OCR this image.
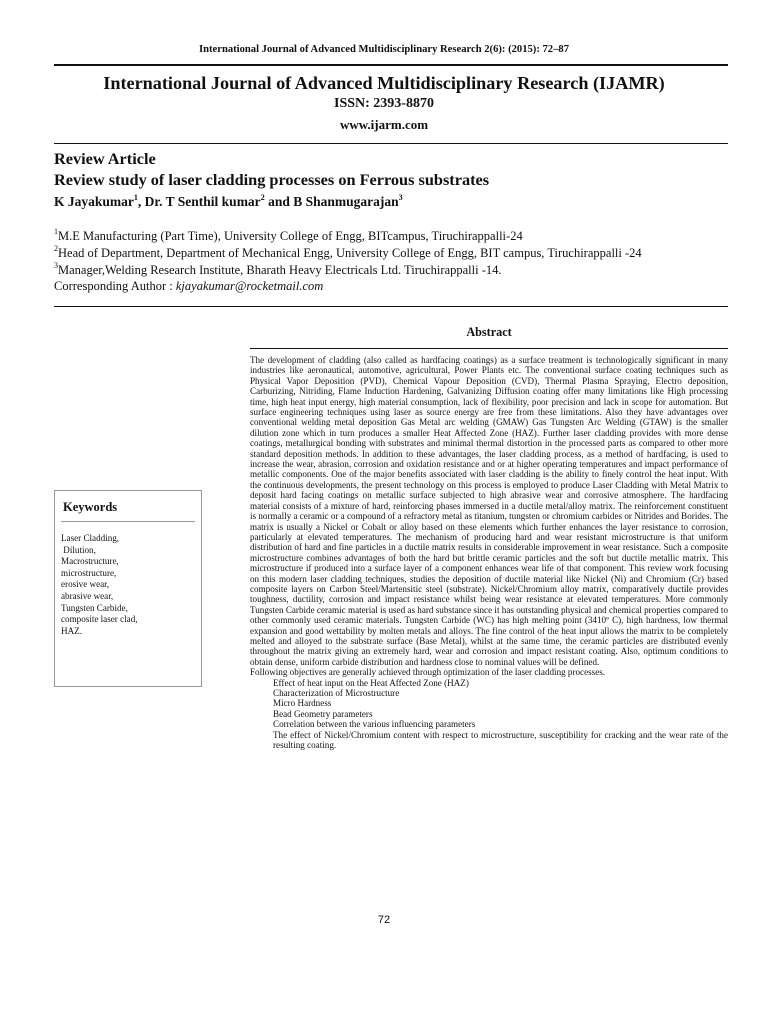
International Journal of Advanced Multidisciplinary Research 2(6): (2015): 72–87
International Journal of Advanced Multidisciplinary Research (IJAMR)
ISSN: 2393-8870
www.ijarm.com
Review Article
Review study of laser cladding processes on Ferrous substrates
K Jayakumar$^1$, Dr. T Senthil kumar$^2$ and B Shanmugarajan$^3$
$^1$M.E Manufacturing (Part Time), University College of Engg, BITcampus, Tiruchirappalli-24
$^2$Head of Department, Department of Mechanical Engg, University College of Engg, BIT campus, Tiruchirappalli -24
$^3$Manager,Welding Research Institute, Bharath Heavy Electricals Ltd. Tiruchirappalli -14.
Corresponding Author : kjayakumar@rocketmail.com
Abstract

The development of cladding (also called as hardfacing coatings) as a surface treatment is technologically significant in many industries like aeronautical, automotive, agricultural, Power Plants etc. The conventional surface coating techniques such as Physical Vapor Deposition (PVD), Chemical Vapour Deposition (CVD), Thermal Plasma Spraying, Electro deposition, Carburizing, Nitriding, Flame Induction Hardening, Galvanizing Diffusion coating offer many limitations like High processing time, high heat input energy, high material consumption, lack of flexibility, poor precision and lack in scope for automation. But surface engineering techniques using laser as source energy are free from these limitations. Also they have advantages over conventional welding metal deposition Gas Metal arc welding (GMAW) Gas Tungsten Arc Welding (GTAW) is the smaller dilution zone which in turn produces a smaller Heat Affected Zone (HAZ). Further laser cladding provides with more dense coatings, metallurgical bonding with substrates and minimal thermal distortion in the processed parts as compared to other more standard deposition methods. In addition to these advantages, the laser cladding process, as a method of hardfacing, is used to increase the wear, abrasion, corrosion and oxidation resistance and or at higher operating temperatures and impact performance of metallic components. One of the major benefits associated with laser cladding is the ability to finely control the heat input. With the continuous developments, the present technology on this process is employed to produce Laser Cladding with Metal Matrix to deposit hard facing coatings on metallic surface subjected to high abrasive wear and corrosive atmosphere. The hardfacing material consists of a mixture of hard, reinforcing phases immersed in a ductile metal/alloy matrix. The reinforcement constituent is normally a ceramic or a compound of a refractory metal as titanium, tungsten or chromium carbides or Nitrides and Borides. The matrix is usually a Nickel or Cobalt or alloy based on these elements which further enhances the layer resistance to corrosion, particularly at elevated temperatures. The mechanism of producing hard and wear resistant microstructure is that uniform distribution of hard and fine particles in a ductile matrix results in considerable improvement in wear resistance. Such a composite microstructure combines advantages of both the hard but brittle ceramic particles and the soft but ductile metallic matrix. This microstructure if produced into a surface layer of a component enhances wear life of that component. This review work focusing on this modern laser cladding techniques, studies the deposition of ductile material like Nickel (Ni) and Chromium (Cr) based composite layers on Carbon Steel/Martensitic steel (substrate). Nickel/Chromium alloy matrix, comparatively ductile provides toughness, ductility, corrosion and impact resistance whilst being wear resistance at elevated temperatures. More commonly Tungsten Carbide ceramic material is used as hard substance since it has outstanding physical and chemical properties compared to other commonly used ceramic materials. Tungsten Carbide (WC) has high melting point (3410º C), high hardness, low thermal expansion and good wettability by molten metals and alloys. The fine control of the heat input allows the matrix to be completely melted and alloyed to the substrate surface (Base Metal), whilst at the same time, the ceramic particles are distributed evenly throughout the matrix giving an extremely hard, wear and corrosion and impact resistant coating. Also, optimum conditions to obtain dense, uniform carbide distribution and hardness close to nominal values will be defined.

Following objectives are generally achieved through optimization of the laser cladding processes.

Effect of heat input on the Heat Affected Zone (HAZ)
Characterization of Microstructure
Micro Hardness
Bead Geometry parameters
Correlation between the various influencing parameters
The effect of Nickel/Chromium content with respect to microstructure, susceptibility for cracking and the wear rate of the resulting coating.
Keywords
Laser Cladding,
Dilution,
Macrostructure,
microstructure,
erosive wear,
abrasive wear,
Tungsten Carbide,
composite laser clad,
HAZ.
72
